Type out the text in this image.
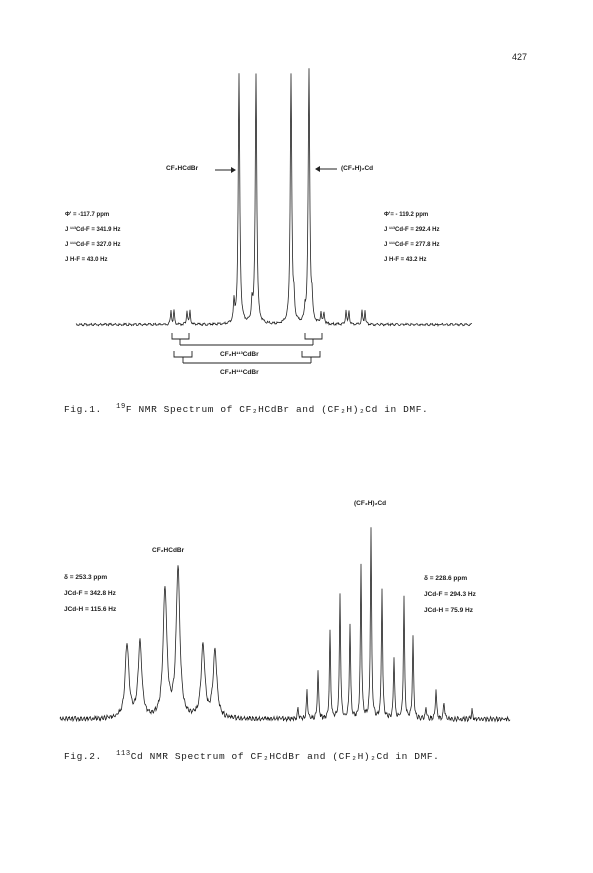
427
CF₂HCdBr	(CF₂H)₂Cd
Φ' = -117.7 ppm
J ¹¹³Cd-F = 341.9 Hz
J ¹¹¹Cd-F = 327.0 Hz
J H-F = 43.0 Hz
Φ'= - 119.2 ppm
J ¹¹³Cd-F = 292.4 Hz
J ¹¹¹Cd-F = 277.8 Hz
J H-F = 43.2 Hz
CF₂H¹¹³CdBr
CF₂H¹¹¹CdBr
Fig.1. $^{19}$F NMR Spectrum of CF₂HCdBr and (CF₂H)₂Cd in DMF.
CF₂HCdBr
(CF₂H)₂Cd
δ = 253.3 ppm
JCd-F = 342.8 Hz
JCd-H = 115.6 Hz
δ = 228.6 ppm
JCd-F = 294.3 Hz
JCd-H = 75.9 Hz
Fig.2. $^{113}$Cd NMR Spectrum of CF₂HCdBr and (CF₂H)₂Cd in DMF.
